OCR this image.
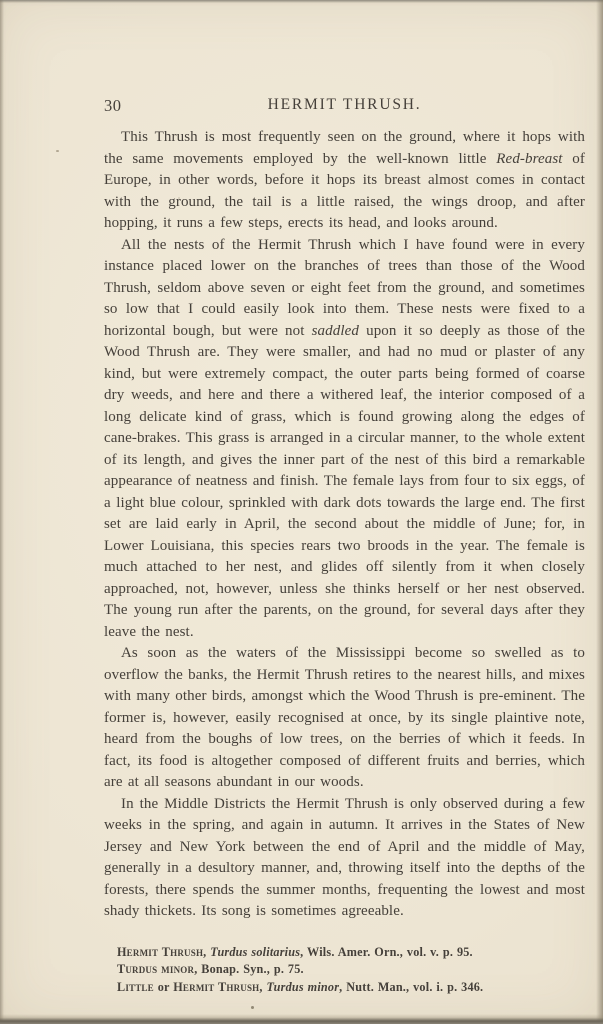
30	HERMIT THRUSH.

This Thrush is most frequently seen on the ground, where it hops with the same movements employed by the well-known little Red-breast of Europe, in other words, before it hops its breast almost comes in contact with the ground, the tail is a little raised, the wings droop, and after hopping, it runs a few steps, erects its head, and looks around.

All the nests of the Hermit Thrush which I have found were in every instance placed lower on the branches of trees than those of the Wood Thrush, seldom above seven or eight feet from the ground, and sometimes so low that I could easily look into them. These nests were fixed to a horizontal bough, but were not saddled upon it so deeply as those of the Wood Thrush are. They were smaller, and had no mud or plaster of any kind, but were extremely compact, the outer parts being formed of coarse dry weeds, and here and there a withered leaf, the interior composed of a long delicate kind of grass, which is found growing along the edges of cane-brakes. This grass is arranged in a circular manner, to the whole extent of its length, and gives the inner part of the nest of this bird a remarkable appearance of neatness and finish. The female lays from four to six eggs, of a light blue colour, sprinkled with dark dots towards the large end. The first set are laid early in April, the second about the middle of June; for, in Lower Louisiana, this species rears two broods in the year. The female is much attached to her nest, and glides off silently from it when closely approached, not, however, unless she thinks herself or her nest observed. The young run after the parents, on the ground, for several days after they leave the nest.

As soon as the waters of the Mississippi become so swelled as to overflow the banks, the Hermit Thrush retires to the nearest hills, and mixes with many other birds, amongst which the Wood Thrush is pre-eminent. The former is, however, easily recognised at once, by its single plaintive note, heard from the boughs of low trees, on the berries of which it feeds. In fact, its food is altogether composed of different fruits and berries, which are at all seasons abundant in our woods.

In the Middle Districts the Hermit Thrush is only observed during a few weeks in the spring, and again in autumn. It arrives in the States of New Jersey and New York between the end of April and the middle of May, generally in a desultory manner, and, throwing itself into the depths of the forests, there spends the summer months, frequenting the lowest and most shady thickets. Its song is sometimes agreeable.

Hermit Thrush, Turdus solitarius, Wils. Amer. Orn., vol. v. p. 95.

Turdus minor, Bonap. Syn., p. 75.

Little or Hermit Thrush, Turdus minor, Nutt. Man., vol. i. p. 346.
